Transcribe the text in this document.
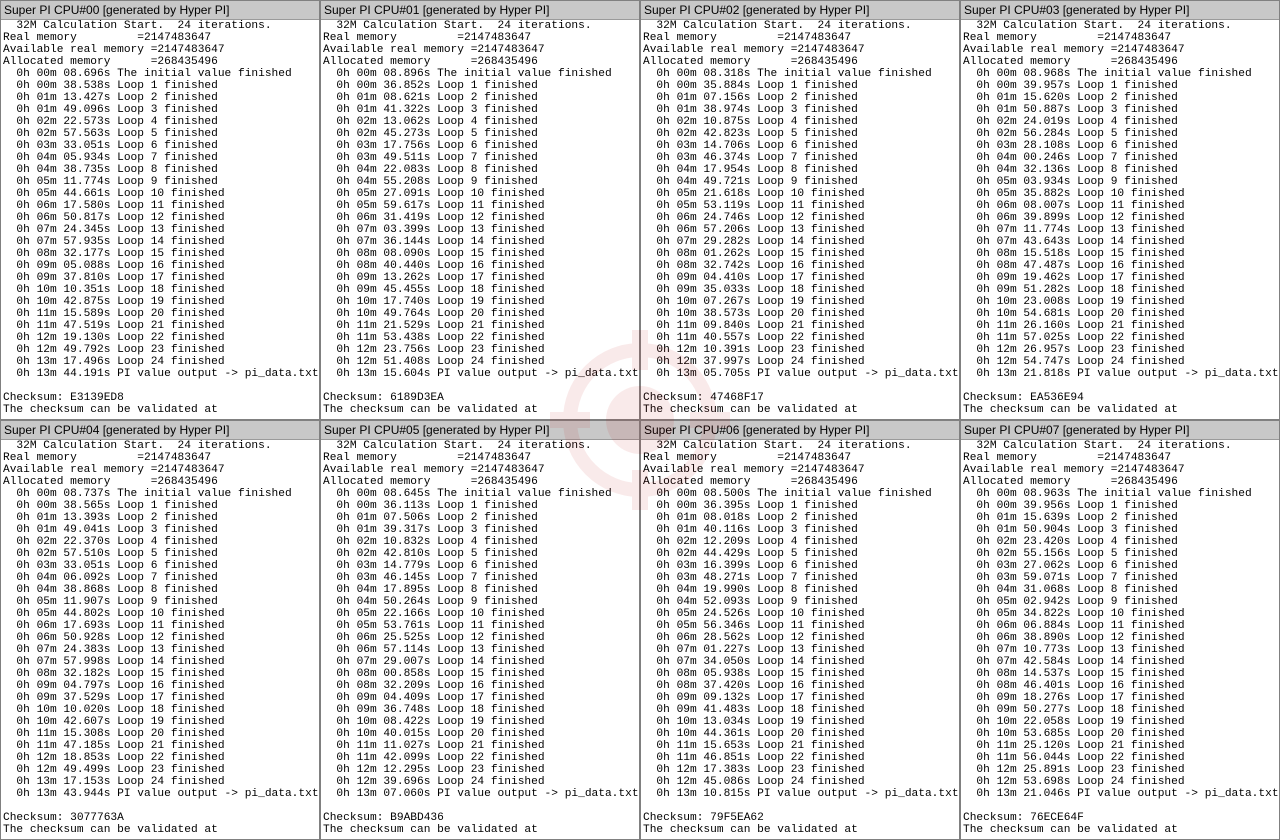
Super PI CPU#00 [generated by Hyper PI]
32M Calculation Start.  24 iterations.
Real memory         =2147483647
Available real memory =2147483647
Allocated memory      =268435496
0h 00m 08.696s The initial value finished
0h 00m 38.538s Loop 1 finished
0h 01m 13.427s Loop 2 finished
0h 01m 49.096s Loop 3 finished
0h 02m 22.573s Loop 4 finished
0h 02m 57.563s Loop 5 finished
0h 03m 33.051s Loop 6 finished
0h 04m 05.934s Loop 7 finished
0h 04m 38.735s Loop 8 finished
0h 05m 11.774s Loop 9 finished
0h 05m 44.661s Loop 10 finished
0h 06m 17.580s Loop 11 finished
0h 06m 50.817s Loop 12 finished
0h 07m 24.345s Loop 13 finished
0h 07m 57.935s Loop 14 finished
0h 08m 32.177s Loop 15 finished
0h 09m 05.088s Loop 16 finished
0h 09m 37.810s Loop 17 finished
0h 10m 10.351s Loop 18 finished
0h 10m 42.875s Loop 19 finished
0h 11m 15.589s Loop 20 finished
0h 11m 47.519s Loop 21 finished
0h 12m 19.130s Loop 22 finished
0h 12m 49.792s Loop 23 finished
0h 13m 17.496s Loop 24 finished
0h 13m 44.191s PI value output -> pi_data.txt
Checksum: E3139ED8
The checksum can be validated at
Super PI CPU#01 [generated by Hyper PI]
32M Calculation Start.  24 iterations.
Real memory         =2147483647
Available real memory =2147483647
Allocated memory      =268435496
0h 00m 08.896s The initial value finished
0h 00m 36.852s Loop 1 finished
0h 01m 08.621s Loop 2 finished
0h 01m 41.322s Loop 3 finished
0h 02m 13.062s Loop 4 finished
0h 02m 45.273s Loop 5 finished
0h 03m 17.756s Loop 6 finished
0h 03m 49.511s Loop 7 finished
0h 04m 22.083s Loop 8 finished
0h 04m 55.208s Loop 9 finished
0h 05m 27.091s Loop 10 finished
0h 05m 59.617s Loop 11 finished
0h 06m 31.419s Loop 12 finished
0h 07m 03.399s Loop 13 finished
0h 07m 36.144s Loop 14 finished
0h 08m 08.090s Loop 15 finished
0h 08m 40.440s Loop 16 finished
0h 09m 13.262s Loop 17 finished
0h 09m 45.455s Loop 18 finished
0h 10m 17.740s Loop 19 finished
0h 10m 49.764s Loop 20 finished
0h 11m 21.529s Loop 21 finished
0h 11m 53.438s Loop 22 finished
0h 12m 23.756s Loop 23 finished
0h 12m 51.408s Loop 24 finished
0h 13m 15.604s PI value output -> pi_data.txt
Checksum: 6189D3EA
The checksum can be validated at
Super PI CPU#02 [generated by Hyper PI]
32M Calculation Start.  24 iterations.
Real memory         =2147483647
Available real memory =2147483647
Allocated memory      =268435496
0h 00m 08.318s The initial value finished
0h 00m 35.884s Loop 1 finished
0h 01m 07.156s Loop 2 finished
0h 01m 38.974s Loop 3 finished
0h 02m 10.875s Loop 4 finished
0h 02m 42.823s Loop 5 finished
0h 03m 14.706s Loop 6 finished
0h 03m 46.374s Loop 7 finished
0h 04m 17.954s Loop 8 finished
0h 04m 49.721s Loop 9 finished
0h 05m 21.618s Loop 10 finished
0h 05m 53.119s Loop 11 finished
0h 06m 24.746s Loop 12 finished
0h 06m 57.206s Loop 13 finished
0h 07m 29.282s Loop 14 finished
0h 08m 01.262s Loop 15 finished
0h 08m 32.742s Loop 16 finished
0h 09m 04.410s Loop 17 finished
0h 09m 35.033s Loop 18 finished
0h 10m 07.267s Loop 19 finished
0h 10m 38.573s Loop 20 finished
0h 11m 09.840s Loop 21 finished
0h 11m 40.557s Loop 22 finished
0h 12m 10.391s Loop 23 finished
0h 12m 37.997s Loop 24 finished
0h 13m 05.705s PI value output -> pi_data.txt
Checksum: 47468F17
The checksum can be validated at
Super PI CPU#03 [generated by Hyper PI]
32M Calculation Start.  24 iterations.
Real memory         =2147483647
Available real memory =2147483647
Allocated memory      =268435496
0h 00m 08.968s The initial value finished
0h 00m 39.957s Loop 1 finished
0h 01m 15.620s Loop 2 finished
0h 01m 50.887s Loop 3 finished
0h 02m 24.019s Loop 4 finished
0h 02m 56.284s Loop 5 finished
0h 03m 28.108s Loop 6 finished
0h 04m 00.246s Loop 7 finished
0h 04m 32.136s Loop 8 finished
0h 05m 03.934s Loop 9 finished
0h 05m 35.882s Loop 10 finished
0h 06m 08.007s Loop 11 finished
0h 06m 39.899s Loop 12 finished
0h 07m 11.774s Loop 13 finished
0h 07m 43.643s Loop 14 finished
0h 08m 15.518s Loop 15 finished
0h 08m 47.487s Loop 16 finished
0h 09m 19.462s Loop 17 finished
0h 09m 51.282s Loop 18 finished
0h 10m 23.008s Loop 19 finished
0h 10m 54.681s Loop 20 finished
0h 11m 26.160s Loop 21 finished
0h 11m 57.025s Loop 22 finished
0h 12m 26.957s Loop 23 finished
0h 12m 54.747s Loop 24 finished
0h 13m 21.818s PI value output -> pi_data.txt
Checksum: EA536E94
The checksum can be validated at
Super PI CPU#04 [generated by Hyper PI]
32M Calculation Start.  24 iterations.
Real memory         =2147483647
Available real memory =2147483647
Allocated memory      =268435496
0h 00m 08.737s The initial value finished
0h 00m 38.565s Loop 1 finished
0h 01m 13.393s Loop 2 finished
0h 01m 49.041s Loop 3 finished
0h 02m 22.370s Loop 4 finished
0h 02m 57.510s Loop 5 finished
0h 03m 33.051s Loop 6 finished
0h 04m 06.092s Loop 7 finished
0h 04m 38.868s Loop 8 finished
0h 05m 11.907s Loop 9 finished
0h 05m 44.802s Loop 10 finished
0h 06m 17.693s Loop 11 finished
0h 06m 50.928s Loop 12 finished
0h 07m 24.383s Loop 13 finished
0h 07m 57.998s Loop 14 finished
0h 08m 32.182s Loop 15 finished
0h 09m 04.797s Loop 16 finished
0h 09m 37.529s Loop 17 finished
0h 10m 10.020s Loop 18 finished
0h 10m 42.607s Loop 19 finished
0h 11m 15.308s Loop 20 finished
0h 11m 47.185s Loop 21 finished
0h 12m 18.853s Loop 22 finished
0h 12m 49.499s Loop 23 finished
0h 13m 17.153s Loop 24 finished
0h 13m 43.944s PI value output -> pi_data.txt
Checksum: 3077763A
The checksum can be validated at
Super PI CPU#05 [generated by Hyper PI]
32M Calculation Start.  24 iterations.
Real memory         =2147483647
Available real memory =2147483647
Allocated memory      =268435496
0h 00m 08.645s The initial value finished
0h 00m 36.113s Loop 1 finished
0h 01m 07.506s Loop 2 finished
0h 01m 39.317s Loop 3 finished
0h 02m 10.832s Loop 4 finished
0h 02m 42.810s Loop 5 finished
0h 03m 14.779s Loop 6 finished
0h 03m 46.145s Loop 7 finished
0h 04m 17.895s Loop 8 finished
0h 04m 50.264s Loop 9 finished
0h 05m 22.166s Loop 10 finished
0h 05m 53.761s Loop 11 finished
0h 06m 25.525s Loop 12 finished
0h 06m 57.114s Loop 13 finished
0h 07m 29.007s Loop 14 finished
0h 08m 00.858s Loop 15 finished
0h 08m 32.209s Loop 16 finished
0h 09m 04.409s Loop 17 finished
0h 09m 36.748s Loop 18 finished
0h 10m 08.422s Loop 19 finished
0h 10m 40.015s Loop 20 finished
0h 11m 11.027s Loop 21 finished
0h 11m 42.099s Loop 22 finished
0h 12m 12.295s Loop 23 finished
0h 12m 39.696s Loop 24 finished
0h 13m 07.060s PI value output -> pi_data.txt
Checksum: B9ABD436
The checksum can be validated at
Super PI CPU#06 [generated by Hyper PI]
32M Calculation Start.  24 iterations.
Real memory         =2147483647
Available real memory =2147483647
Allocated memory      =268435496
0h 00m 08.500s The initial value finished
0h 00m 36.395s Loop 1 finished
0h 01m 08.018s Loop 2 finished
0h 01m 40.116s Loop 3 finished
0h 02m 12.209s Loop 4 finished
0h 02m 44.429s Loop 5 finished
0h 03m 16.399s Loop 6 finished
0h 03m 48.271s Loop 7 finished
0h 04m 19.990s Loop 8 finished
0h 04m 52.093s Loop 9 finished
0h 05m 24.526s Loop 10 finished
0h 05m 56.346s Loop 11 finished
0h 06m 28.562s Loop 12 finished
0h 07m 01.227s Loop 13 finished
0h 07m 34.050s Loop 14 finished
0h 08m 05.938s Loop 15 finished
0h 08m 37.420s Loop 16 finished
0h 09m 09.132s Loop 17 finished
0h 09m 41.483s Loop 18 finished
0h 10m 13.034s Loop 19 finished
0h 10m 44.361s Loop 20 finished
0h 11m 15.653s Loop 21 finished
0h 11m 46.851s Loop 22 finished
0h 12m 17.383s Loop 23 finished
0h 12m 45.086s Loop 24 finished
0h 13m 10.815s PI value output -> pi_data.txt
Checksum: 79F5EA62
The checksum can be validated at
Super PI CPU#07 [generated by Hyper PI]
32M Calculation Start.  24 iterations.
Real memory         =2147483647
Available real memory =2147483647
Allocated memory      =268435496
0h 00m 08.963s The initial value finished
0h 00m 39.956s Loop 1 finished
0h 01m 15.639s Loop 2 finished
0h 01m 50.904s Loop 3 finished
0h 02m 23.420s Loop 4 finished
0h 02m 55.156s Loop 5 finished
0h 03m 27.062s Loop 6 finished
0h 03m 59.071s Loop 7 finished
0h 04m 31.068s Loop 8 finished
0h 05m 02.942s Loop 9 finished
0h 05m 34.822s Loop 10 finished
0h 06m 06.884s Loop 11 finished
0h 06m 38.890s Loop 12 finished
0h 07m 10.773s Loop 13 finished
0h 07m 42.584s Loop 14 finished
0h 08m 14.537s Loop 15 finished
0h 08m 46.401s Loop 16 finished
0h 09m 18.276s Loop 17 finished
0h 09m 50.277s Loop 18 finished
0h 10m 22.058s Loop 19 finished
0h 10m 53.685s Loop 20 finished
0h 11m 25.120s Loop 21 finished
0h 11m 56.044s Loop 22 finished
0h 12m 25.891s Loop 23 finished
0h 12m 53.698s Loop 24 finished
0h 13m 21.046s PI value output -> pi_data.txt
Checksum: 76ECE64F
The checksum can be validated at
